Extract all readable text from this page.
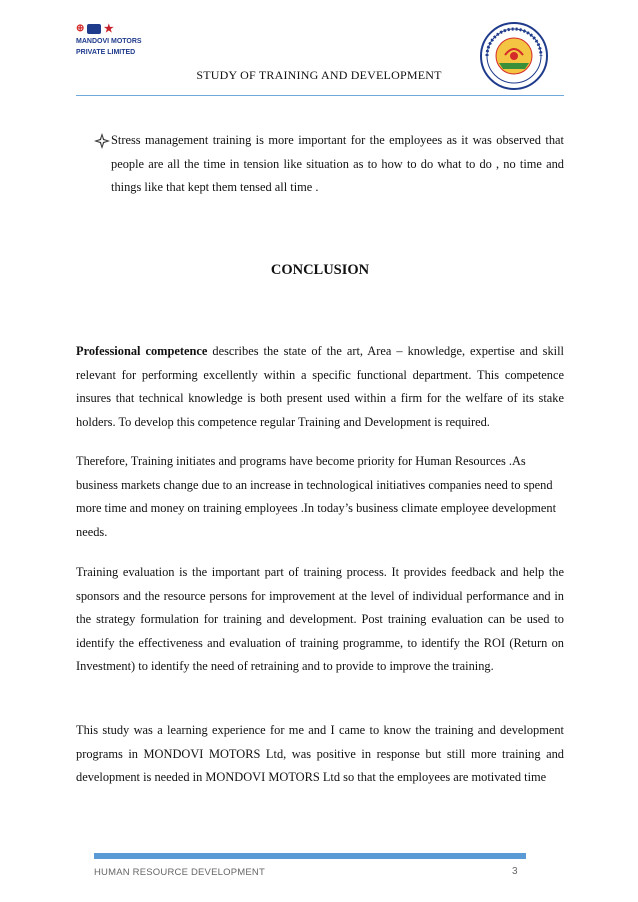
⊕ ★
MANDOVI MOTORS
PRIVATE LIMITED
STUDY OF TRAINING AND DEVELOPMENT
Stress management training is more important for the employees as it was observed that people are all the time in tension like situation as to how to do what to do , no time and things like that kept them tensed all time .
CONCLUSION
Professional competence describes the state of the art, Area – knowledge, expertise and skill relevant for performing excellently within a specific functional department. This competence insures that technical knowledge is both present used within a firm for the welfare of its stake holders. To develop this competence regular Training and Development is required.
Therefore, Training initiates and programs have become priority for Human Resources .As business markets change due to an increase in technological initiatives companies need to spend more time and money on training employees .In today’s business climate employee development needs.
Training evaluation is the important part of training process. It provides feedback and help the sponsors and the resource persons for improvement at the level of individual performance and in the strategy formulation for training and development. Post training evaluation can be used to identify the effectiveness and evaluation of training programme, to identify the ROI (Return on Investment) to identify the need of retraining and to provide to improve the training.
This study was a learning experience for me and I came to know the training and development programs in MONDOVI MOTORS Ltd, was positive in response but still more training and development is needed in MONDOVI MOTORS Ltd so that the employees are motivated time
HUMAN RESOURCE DEVELOPMENT	3
